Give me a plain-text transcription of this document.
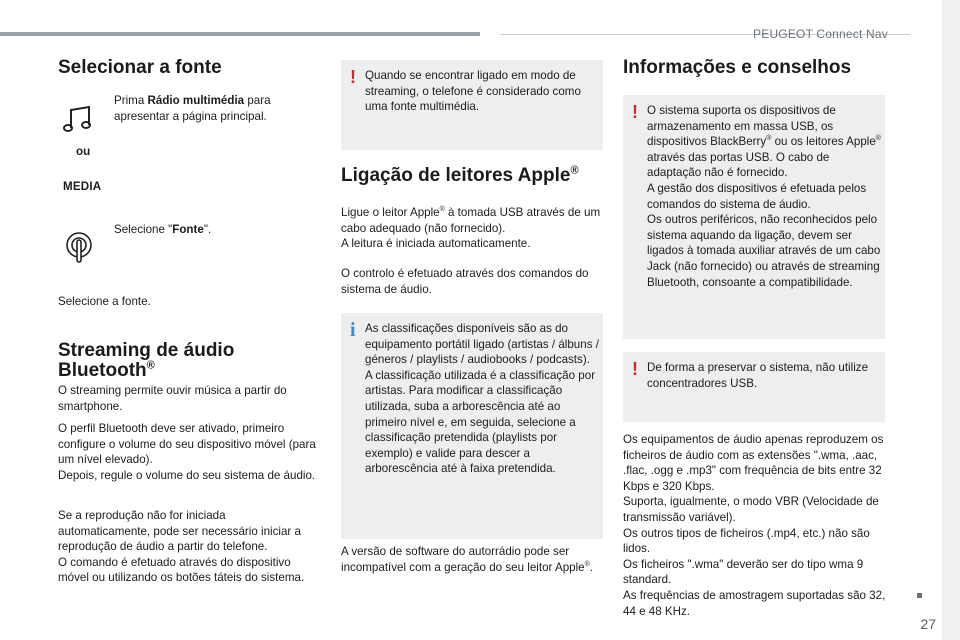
PEUGEOT Connect Nav
27
Selecionar a fonte

Prima Rádio multimédia para apresentar a página principal.

ou
MEDIA

Selecione "Fonte".

Selecione a fonte.

Streaming de áudio
Bluetooth®

O streaming permite ouvir música a partir do smartphone.

O perfil Bluetooth deve ser ativado, primeiro configure o volume do seu dispositivo móvel (para um nível elevado).
Depois, regule o volume do seu sistema de áudio.

Se a reprodução não for iniciada automaticamente, pode ser necessário iniciar a reprodução de áudio a partir do telefone.
O comando é efetuado através do dispositivo móvel ou utilizando os botões táteis do sistema.

! Quando se encontrar ligado em modo de streaming, o telefone é considerado como uma fonte multimédia.
Ligação de leitores Apple®

Ligue o leitor Apple® à tomada USB através de um cabo adequado (não fornecido).
A leitura é iniciada automaticamente.

O controlo é efetuado através dos comandos do sistema de áudio.

i As classificações disponíveis são as do equipamento portátil ligado (artistas / álbuns / géneros / playlists / audiobooks / podcasts).
A classificação utilizada é a classificação por artistas. Para modificar a classificação utilizada, suba a arborescência até ao primeiro nível e, em seguida, selecione a classificação pretendida (playlists por exemplo) e valide para descer a arborescência até à faixa pretendida.

A versão de software do autorrádio pode ser incompatível com a geração do seu leitor Apple®.

Informações e conselhos
! O sistema suporta os dispositivos de armazenamento em massa USB, os dispositivos BlackBerry® ou os leitores Apple® através das portas USB. O cabo de adaptação não é fornecido.
A gestão dos dispositivos é efetuada pelos comandos do sistema de áudio.
Os outros periféricos, não reconhecidos pelo sistema aquando da ligação, devem ser ligados à tomada auxiliar através de um cabo Jack (não fornecido) ou através de streaming Bluetooth, consoante a compatibilidade.
! De forma a preservar o sistema, não utilize concentradores USB.

Os equipamentos de áudio apenas reproduzem os ficheiros de áudio com as extensões ".wma, .aac, .flac, .ogg e .mp3" com frequência de bits entre 32 Kbps e 320 Kbps.
Suporta, igualmente, o modo VBR (Velocidade de transmissão variável).
Os outros tipos de ficheiros (.mp4, etc.) não são lidos.
Os ficheiros ".wma" deverão ser do tipo wma 9 standard.
As frequências de amostragem suportadas são 32, 44 e 48 KHz.
